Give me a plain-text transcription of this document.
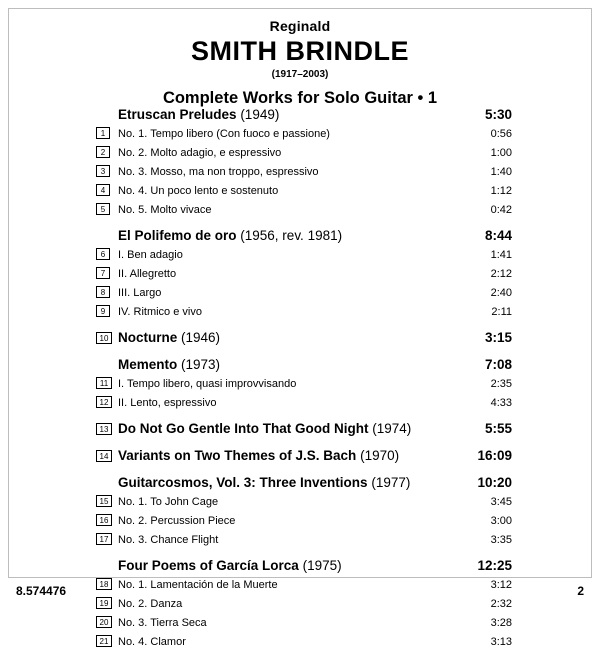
Reginald
SMITH BRINDLE
(1917–2003)
Complete Works for Solo Guitar • 1
Etruscan Preludes (1949)	5:30
1	No. 1. Tempo libero (Con fuoco e passione)	0:56
2	No. 2. Molto adagio, e espressivo	1:00
3	No. 3. Mosso, ma non troppo, espressivo	1:40
4	No. 4. Un poco lento e sostenuto	1:12
5	No. 5. Molto vivace	0:42
El Polifemo de oro (1956, rev. 1981)	8:44
6	I. Ben adagio	1:41
7	II. Allegretto	2:12
8	III. Largo	2:40
9	IV. Ritmico e vivo	2:11
10 Nocturne (1946)	3:15
Memento (1973)	7:08
11 I. Tempo libero, quasi improvvisando	2:35
12 II. Lento, espressivo	4:33
13 Do Not Go Gentle Into That Good Night (1974)	5:55
14 Variants on Two Themes of J.S. Bach (1970)	16:09
Guitarcosmos, Vol. 3: Three Inventions (1977)	10:20
15 No. 1. To John Cage	3:45
16 No. 2. Percussion Piece	3:00
17 No. 3. Chance Flight	3:35
Four Poems of García Lorca (1975)	12:25
18 No. 1. Lamentación de la Muerte	3:12
19 No. 2. Danza	2:32
20 No. 3. Tierra Seca	3:28
21 No. 4. Clamor	3:13
8.574476	2
